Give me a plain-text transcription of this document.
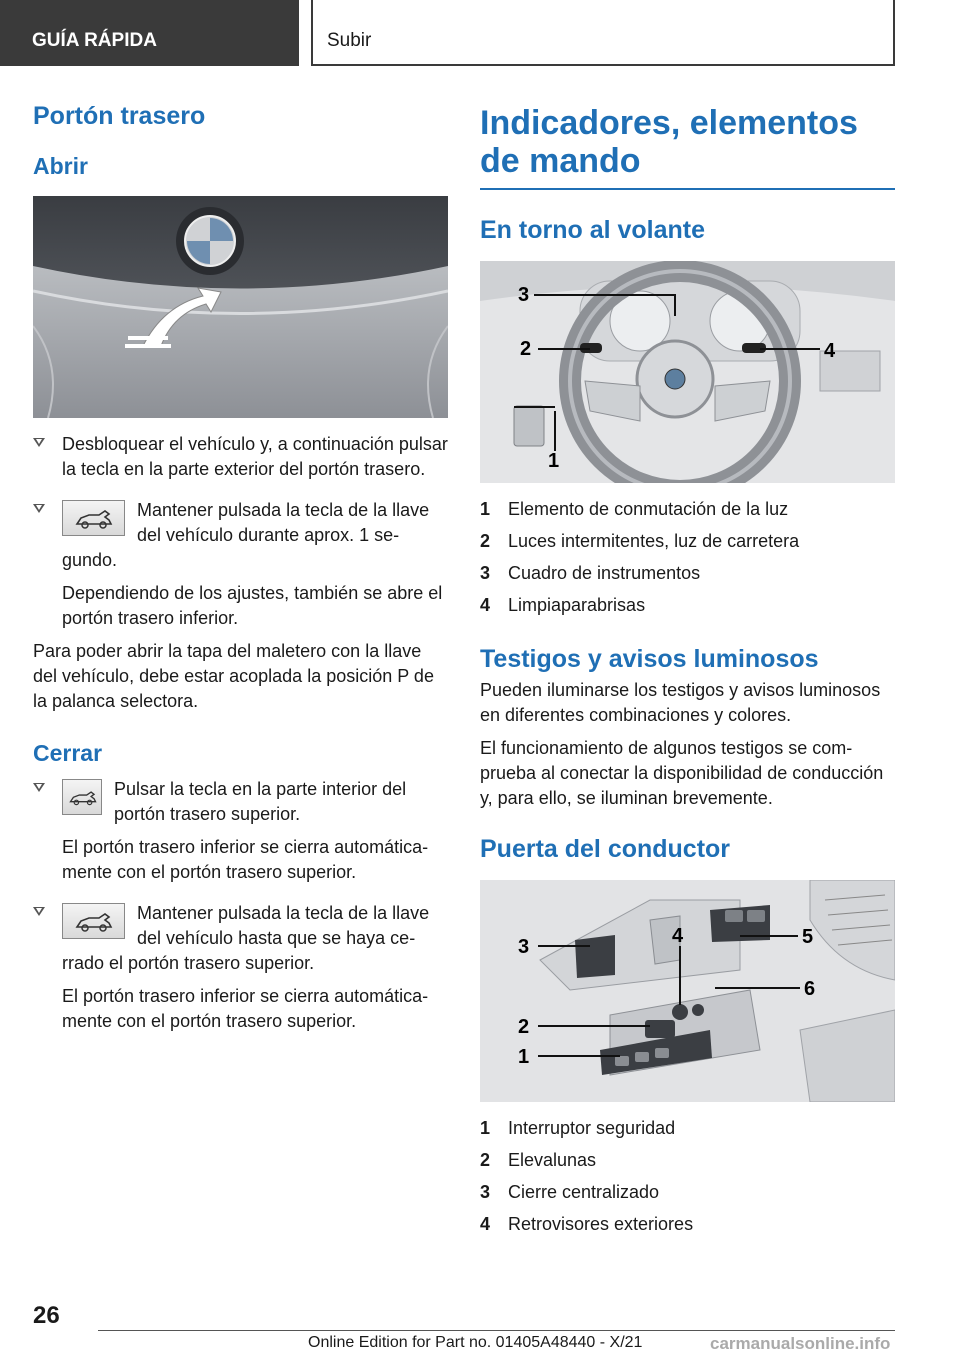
GUÍA RÁPIDA	Subir
Portón trasero
Abrir
Desbloquear el vehículo y, a continuación pulsar la tecla en la parte exterior del portón trasero.
Mantener pulsada la tecla de la llave del vehículo durante aprox. 1 segundo.
Dependiendo de los ajustes, también se abre el portón trasero inferior.

Para poder abrir la tapa del maletero con la llave del vehículo, debe estar acoplada la posición P de la palanca selectora.

Cerrar
Pulsar la tecla en la parte interior del portón trasero superior.
El portón trasero inferior se cierra automáticamente con el portón trasero superior.
Mantener pulsada la tecla de la llave del vehículo hasta que se haya cerrado el portón trasero superior.
El portón trasero inferior se cierra automáticamente con el portón trasero superior.
Indicadores, elementos de mando
En torno al volante
3
2	4
1
1 Elemento de conmutación de la luz
2 Luces intermitentes, luz de carretera
3 Cuadro de instrumentos
4 Limpiaparabrisas
Testigos y avisos luminosos

Pueden iluminarse los testigos y avisos luminosos en diferentes combinaciones y colores.

El funcionamiento de algunos testigos se comprueba al conectar la disponibilidad de conducción y, para ello, se iluminan brevemente.

Puerta del conductor
3	4	5
6
2
1
1 Interruptor seguridad
2 Elevalunas
3 Cierre centralizado
4 Retrovisores exteriores
26
Online Edition for Part no. 01405A48440 - X/21	carmanualsonline.info
